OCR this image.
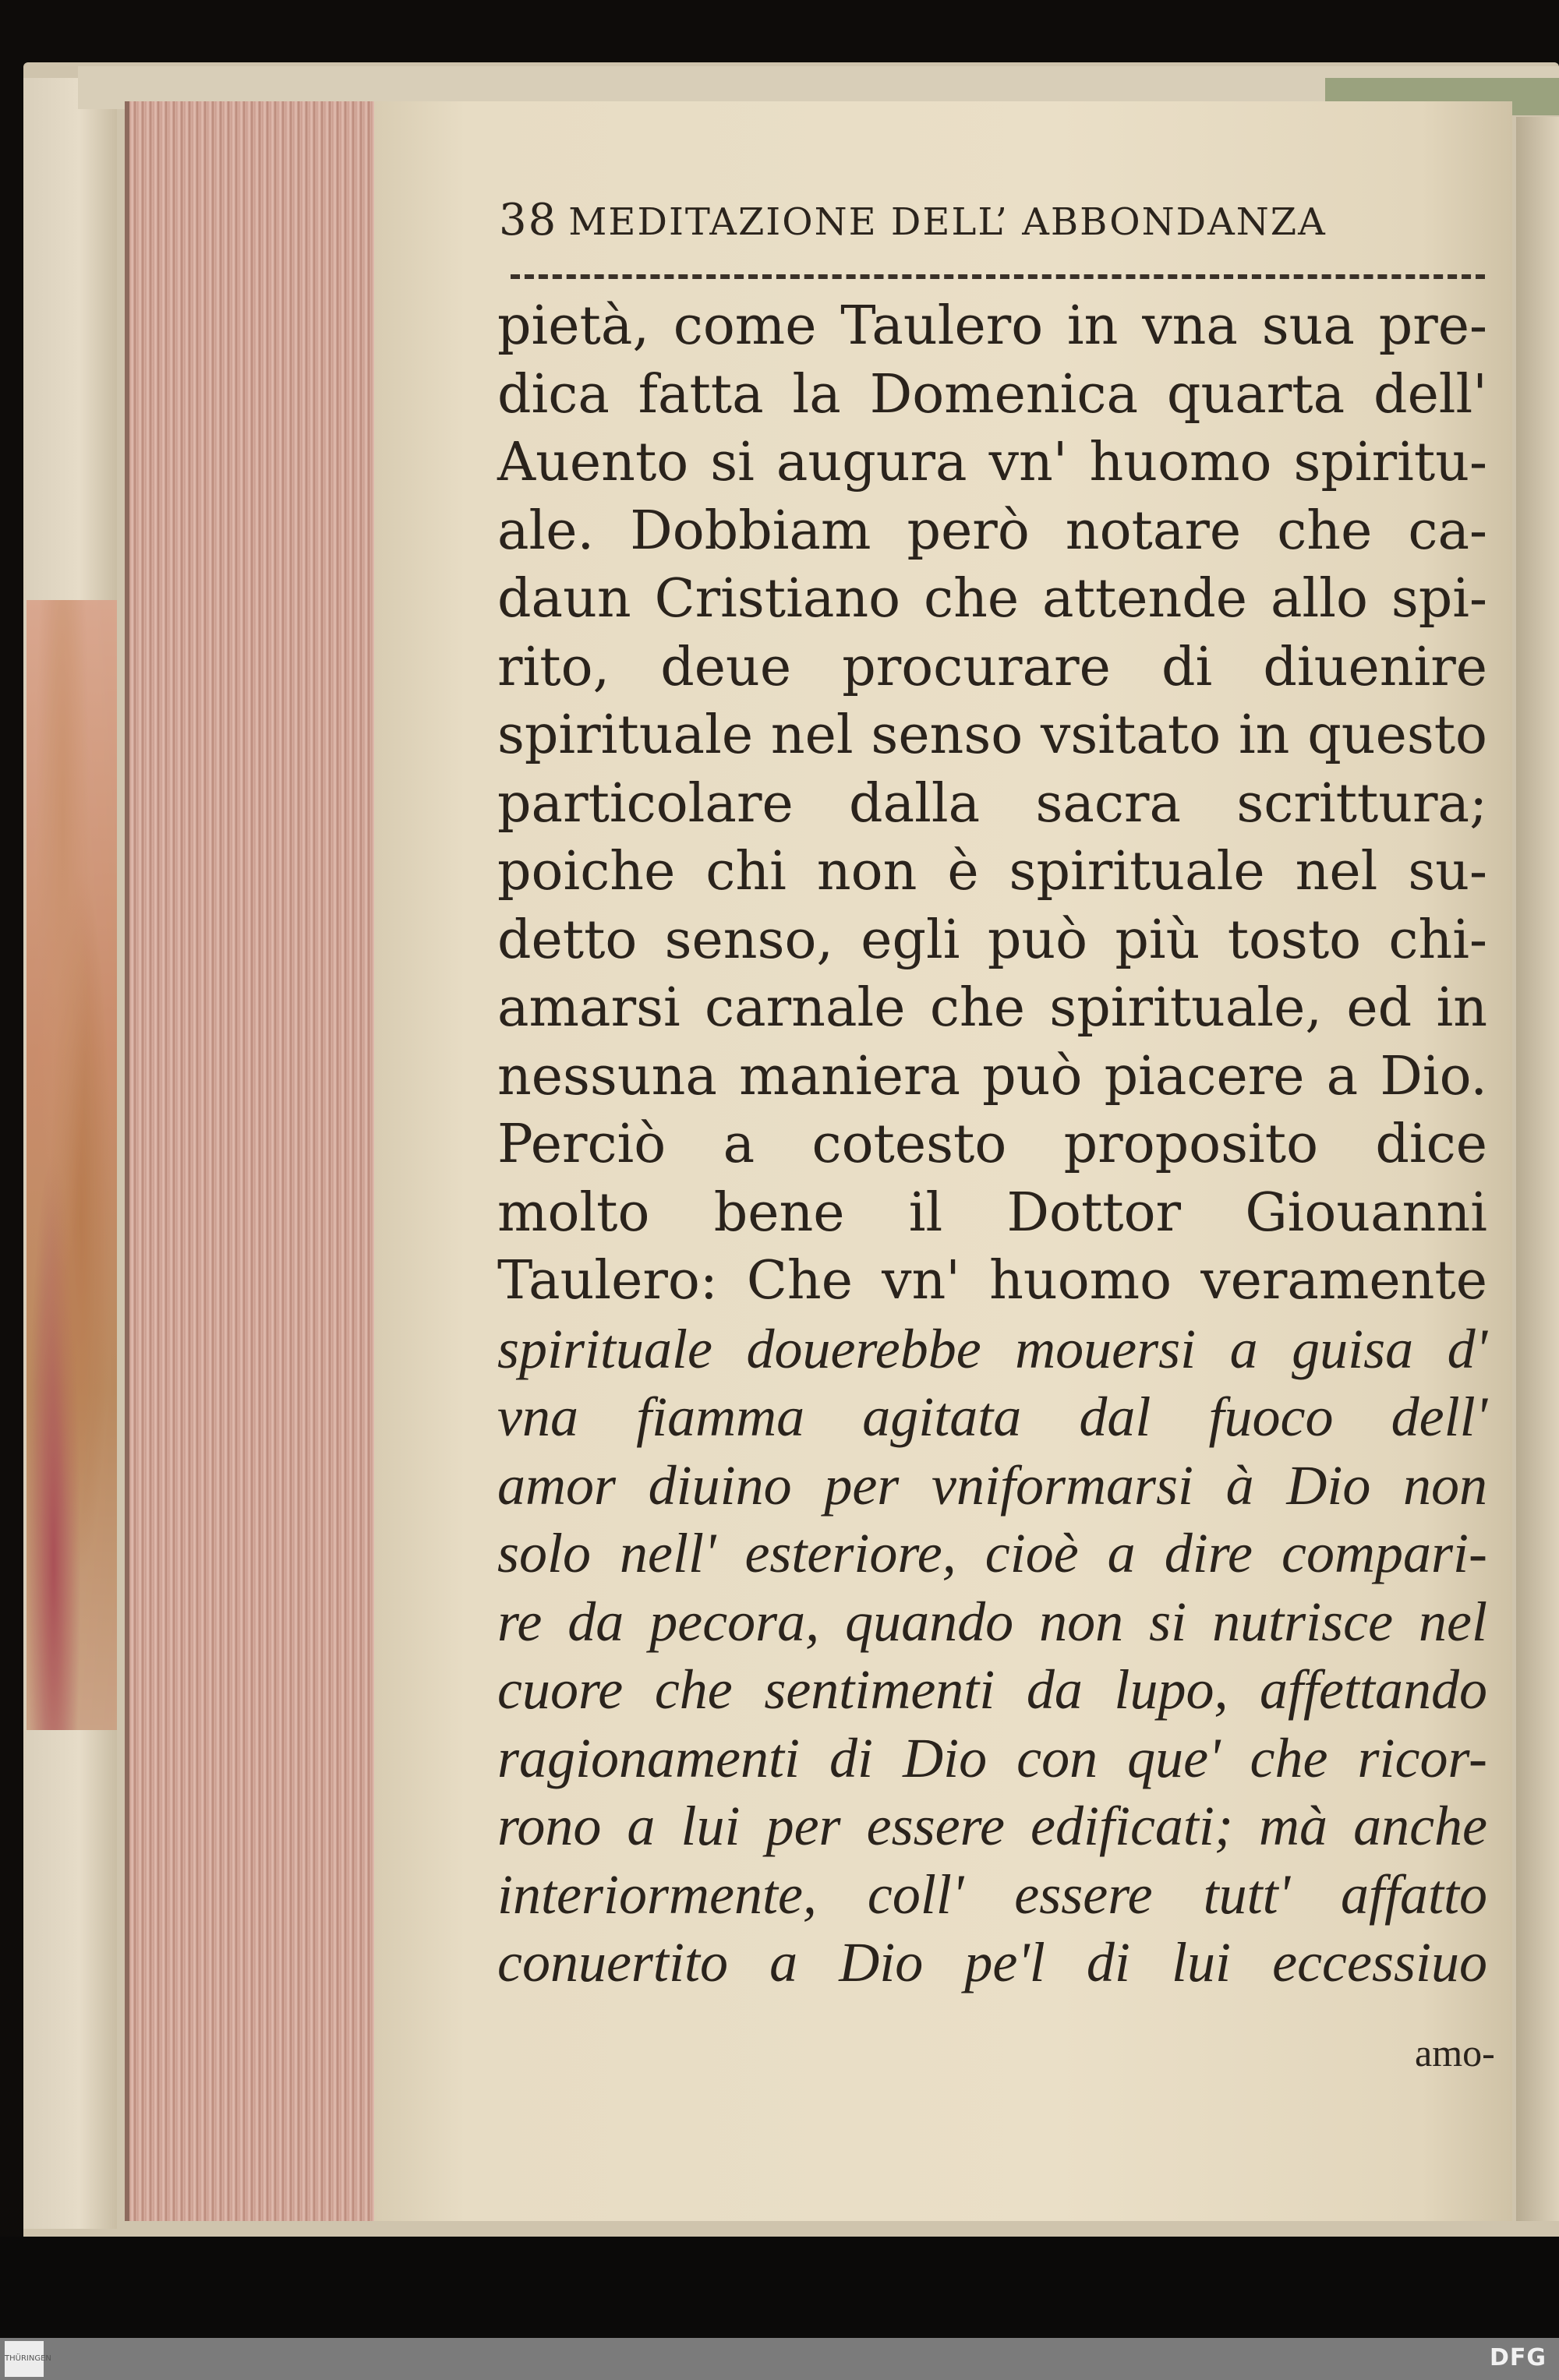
38 MEDITAZIONE DELL’ ABBONDANZA
pietà, come Taulero in vna sua pre-
dica fatta la Domenica quarta dell'
Auento si augura vn' huomo spiritu-
ale. Dobbiam però notare che ca-
daun Cristiano che attende allo spi-
rito, deue procurare di diuenire
spirituale nel senso vsitato in questo
particolare dalla sacra scrittura;
poiche chi non è spirituale nel su-
detto senso, egli può più tosto chi-
amarsi carnale che spirituale, ed in
nessuna maniera può piacere a Dio.
Perciò a cotesto proposito dice
molto bene il Dottor Giouanni
Taulero: Che vn' huomo veramente
spirituale douerebbe mouersi a guisa d'
vna fiamma agitata dal fuoco dell'
amor diuino per vniformarsi à Dio non
solo nell' esteriore, cioè a dire compari-
re da pecora, quando non si nutrisce nel
cuore che sentimenti da lupo, affettando
ragionamenti di Dio con que' che ricor-
rono a lui per essere edificati; mà anche
interiormente, coll' essere tutt' affatto
conuertito a Dio pe'l di lui eccessiuo
amo-
THÜRINGEN	DFG
